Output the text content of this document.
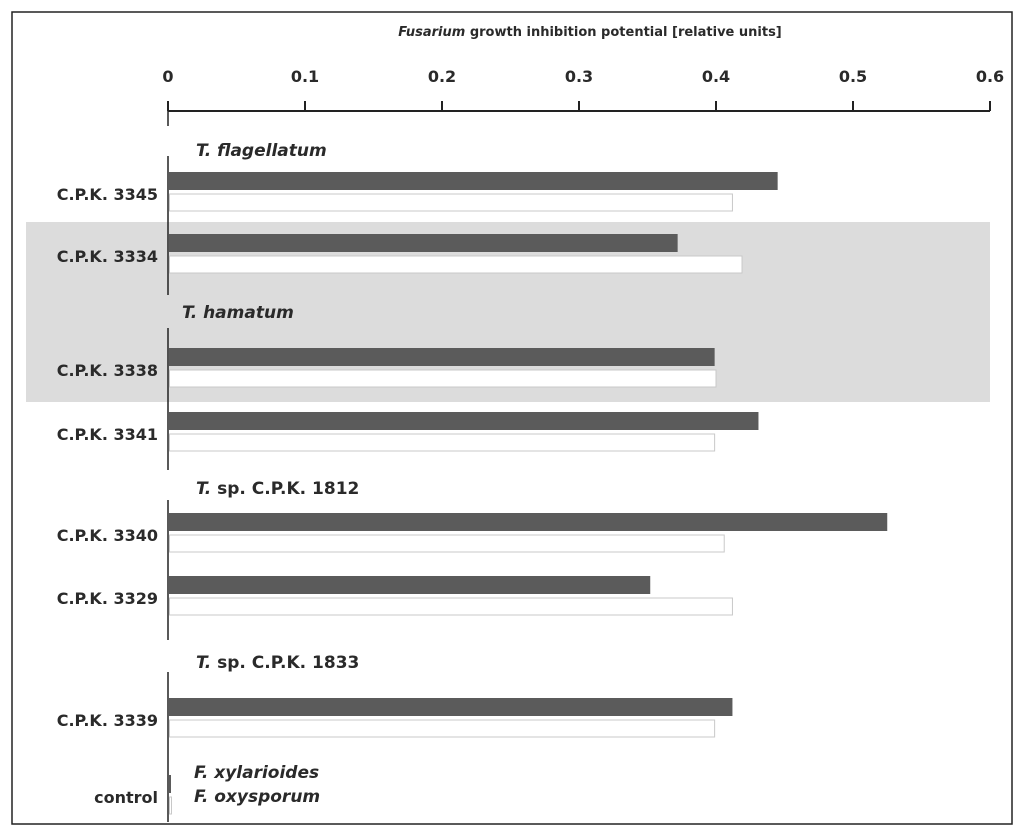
Fusarium growth inhibition potential [relative units]
0	0.1	0.2	0.3	0.4	0.5	0.6
T. flagellatum
T. hamatum
T. sp. C.P.K. 1812
T. sp. C.P.K. 1833
C.P.K. 3345
C.P.K. 3334
C.P.K. 3338
C.P.K. 3341
C.P.K. 3340
C.P.K. 3329
C.P.K. 3339
control
F. xylarioides
F. oxysporum
